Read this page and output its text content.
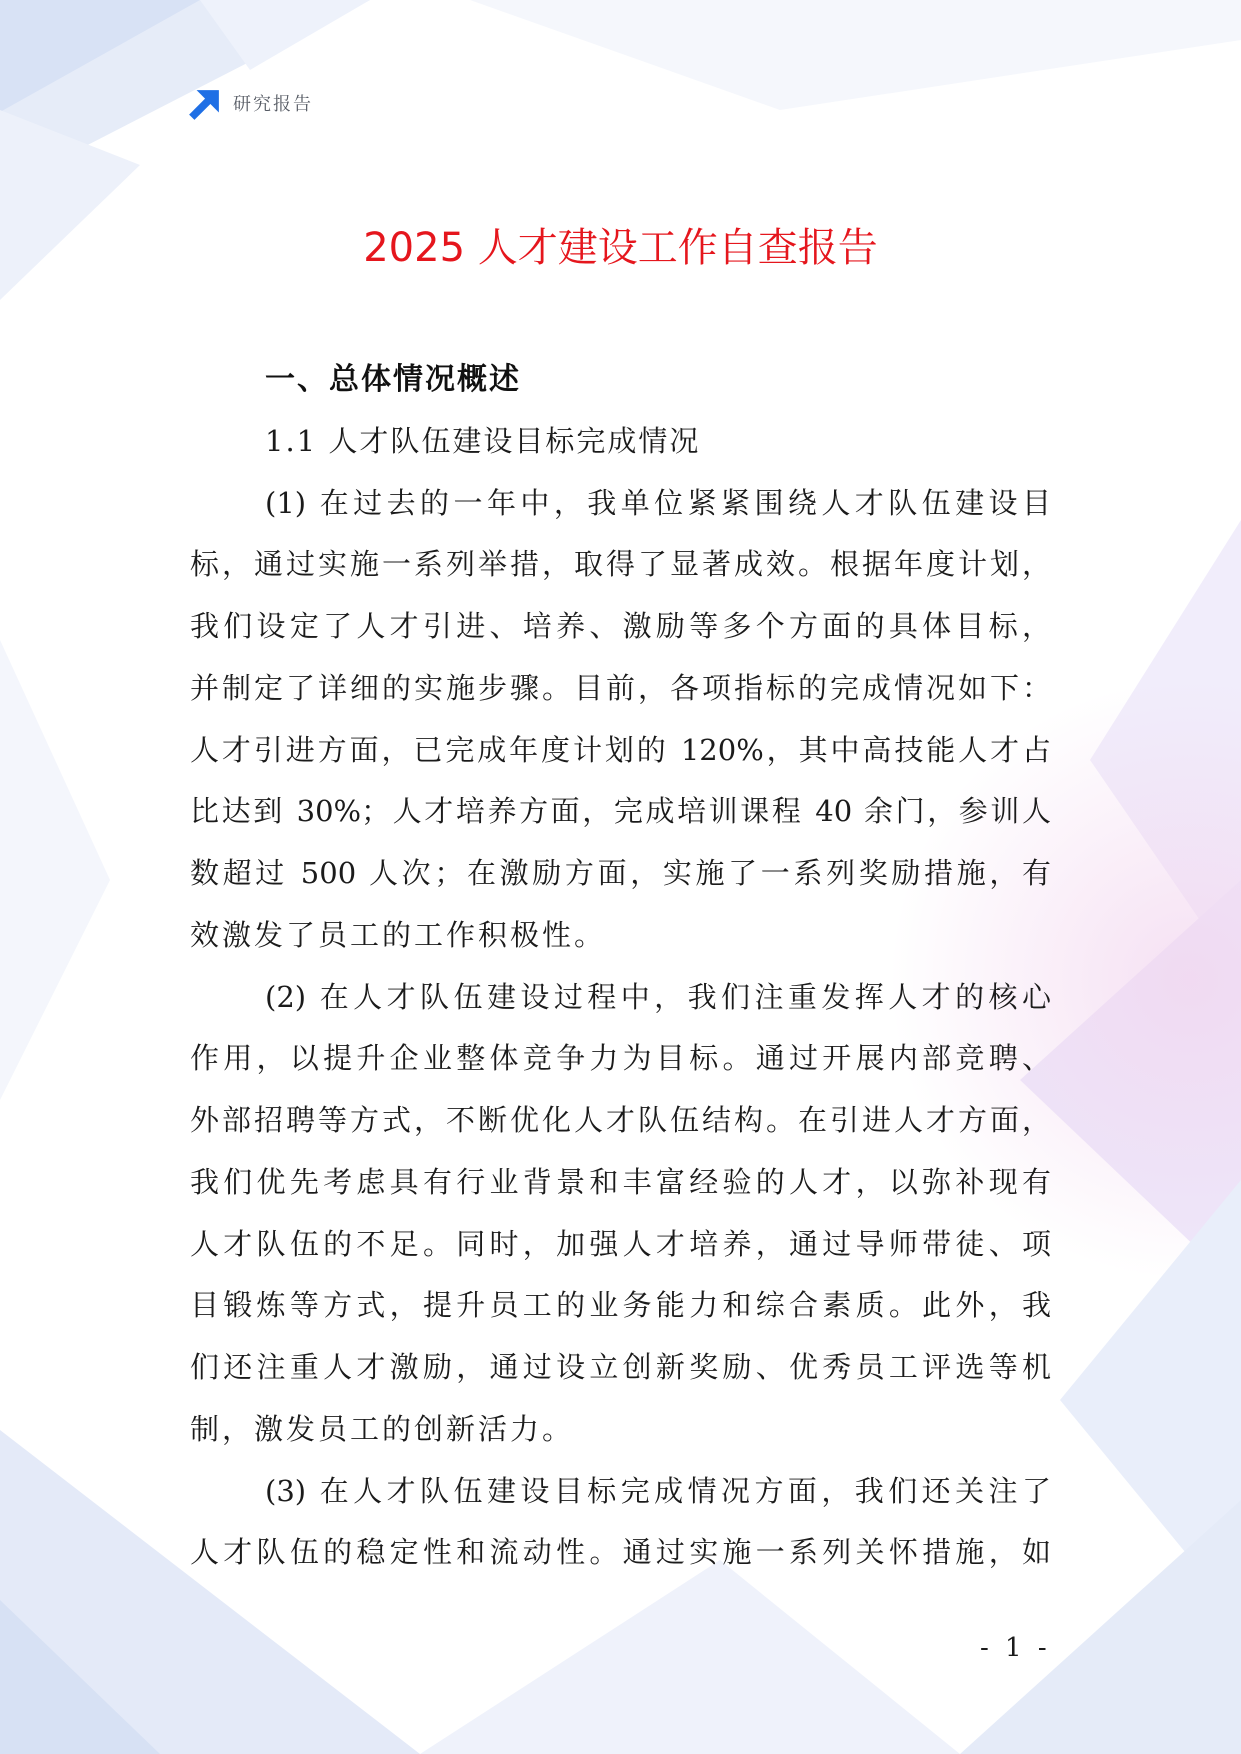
研究报告
2025 人才建设工作自查报告
一、总体情况概述
1.1 人才队伍建设目标完成情况
(1) 在过去的一年中，我单位紧紧围绕人才队伍建设目
标，通过实施一系列举措，取得了显著成效。根据年度计划，
我们设定了人才引进、培养、激励等多个方面的具体目标，
并制定了详细的实施步骤。目前，各项指标的完成情况如下：
人才引进方面，已完成年度计划的 120%，其中高技能人才占
比达到 30%；人才培养方面，完成培训课程 40 余门，参训人
数超过 500 人次；在激励方面，实施了一系列奖励措施，有
效激发了员工的工作积极性。
(2) 在人才队伍建设过程中，我们注重发挥人才的核心
作用，以提升企业整体竞争力为目标。通过开展内部竞聘、
外部招聘等方式，不断优化人才队伍结构。在引进人才方面，
我们优先考虑具有行业背景和丰富经验的人才，以弥补现有
人才队伍的不足。同时，加强人才培养，通过导师带徒、项
目锻炼等方式，提升员工的业务能力和综合素质。此外，我
们还注重人才激励，通过设立创新奖励、优秀员工评选等机
制，激发员工的创新活力。
(3) 在人才队伍建设目标完成情况方面，我们还关注了
人才队伍的稳定性和流动性。通过实施一系列关怀措施，如
- 1 -
